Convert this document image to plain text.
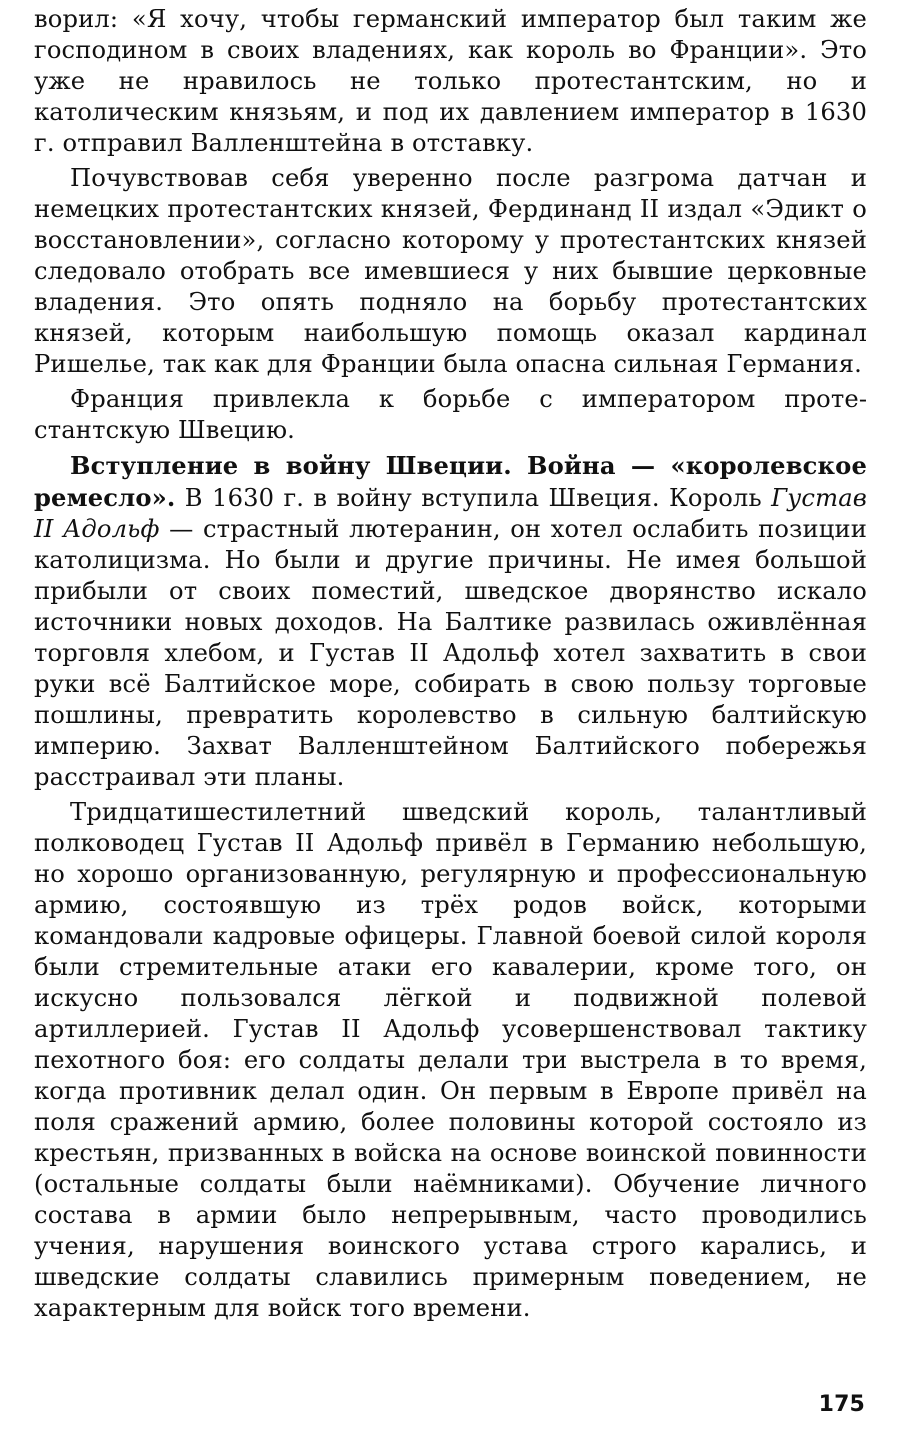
ворил: «Я хочу, чтобы германский император был таким же господином в своих владениях, как король во Франции». Это уже не нравилось не только протестантским, но и католическим князьям, и под их давлением император в 1630 г. отправил Валленштейна в отставку.

Почувствовав себя уверенно после разгрома датчан и немецких протестантских князей, Фердинанд II издал «Эдикт о восстановлении», согласно которому у протестантских князей следовало отобрать все имевшиеся у них бывшие церковные владения. Это опять подняло на борьбу протестантских князей, которым наибольшую помощь оказал кардинал Ришелье, так как для Франции была опасна сильная Германия.

Франция привлекла к борьбе с императором протестантскую Швецию.

Вступление в войну Швеции. Война — «королевское ремесло». В 1630 г. в войну вступила Швеция. Король Густав II Адольф — страстный лютеранин, он хотел ослабить позиции католицизма. Но были и другие причины. Не имея большой прибыли от своих поместий, шведское дворянство искало источники новых доходов. На Балтике развилась оживлённая торговля хлебом, и Густав II Адольф хотел захватить в свои руки всё Балтийское море, собирать в свою пользу торговые пошлины, превратить королевство в сильную балтийскую империю. Захват Валленштейном Балтийского побережья расстраивал эти планы.

Тридцатишестилетний шведский король, талантливый полководец Густав II Адольф привёл в Германию небольшую, но хорошо организованную, регулярную и профессиональную армию, состоявшую из трёх родов войск, которыми командовали кадровые офицеры. Главной боевой силой короля были стремительные атаки его кавалерии, кроме того, он искусно пользовался лёгкой и подвижной полевой артиллерией. Густав II Адольф усовершенствовал тактику пехотного боя: его солдаты делали три выстрела в то время, когда противник делал один. Он первым в Европе привёл на поля сражений армию, более половины которой состояло из крестьян, призванных в войска на основе воинской повинности (остальные солдаты были наёмниками). Обучение личного состава в армии было непрерывным, часто проводились учения, нарушения воинского устава строго карались, и шведские солдаты славились примерным поведением, не характерным для войск того времени.

175
